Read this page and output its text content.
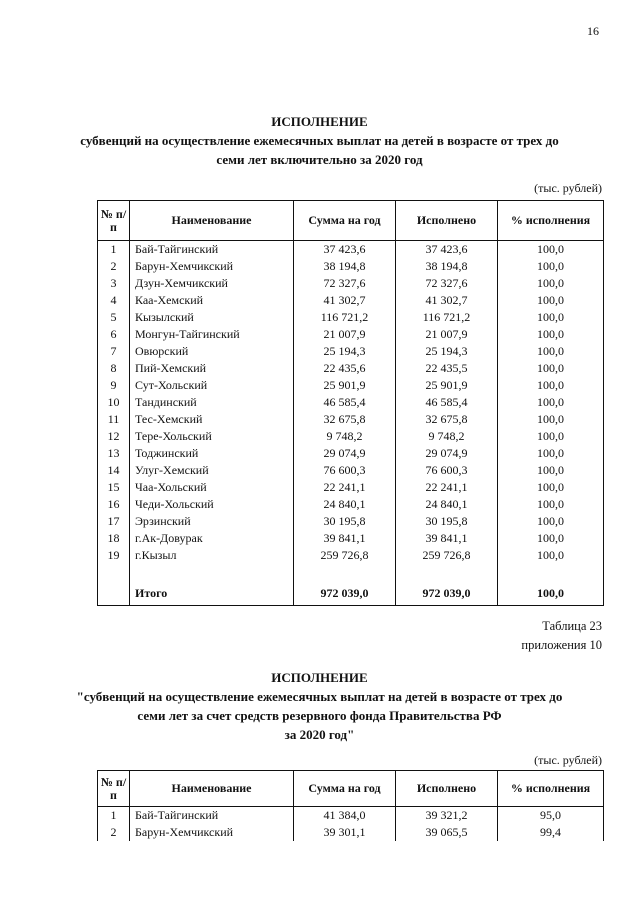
16
ИСПОЛНЕНИЕ
субвенций на осуществление ежемесячных выплат на детей в возрасте от трех до
семи лет включительно за 2020 год
(тыс. рублей)
№ п/п	Наименование	Сумма на год	Исполнено	% исполнения
1	Бай-Тайгинский	37 423,6	37 423,6	100,0
2	Барун-Хемчикский	38 194,8	38 194,8	100,0
3	Дзун-Хемчикский	72 327,6	72 327,6	100,0
4	Каа-Хемский	41 302,7	41 302,7	100,0
5	Кызылский	116 721,2	116 721,2	100,0
6	Монгун-Тайгинский	21 007,9	21 007,9	100,0
7	Овюрский	25 194,3	25 194,3	100,0
8	Пий-Хемский	22 435,6	22 435,5	100,0
9	Сут-Хольский	25 901,9	25 901,9	100,0
10	Тандинский	46 585,4	46 585,4	100,0
11	Тес-Хемский	32 675,8	32 675,8	100,0
12	Тере-Хольский	9 748,2	9 748,2	100,0
13	Тоджинский	29 074,9	29 074,9	100,0
14	Улуг-Хемский	76 600,3	76 600,3	100,0
15	Чаа-Хольский	22 241,1	22 241,1	100,0
16	Чеди-Хольский	24 840,1	24 840,1	100,0
17	Эрзинский	30 195,8	30 195,8	100,0
18	г.Ак-Довурак	39 841,1	39 841,1	100,0
19	г.Кызыл	259 726,8	259 726,8	100,0

	Итого	972 039,0	972 039,0	100,0
Таблица 23
приложения 10
ИСПОЛНЕНИЕ
"субвенций на осуществление ежемесячных выплат на детей в возрасте от трех до
семи лет за счет средств резервного фонда Правительства РФ
за 2020 год"
(тыс. рублей)
№ п/п	Наименование	Сумма на год	Исполнено	% исполнения
1	Бай-Тайгинский	41 384,0	39 321,2	95,0
2	Барун-Хемчикский	39 301,1	39 065,5	99,4
